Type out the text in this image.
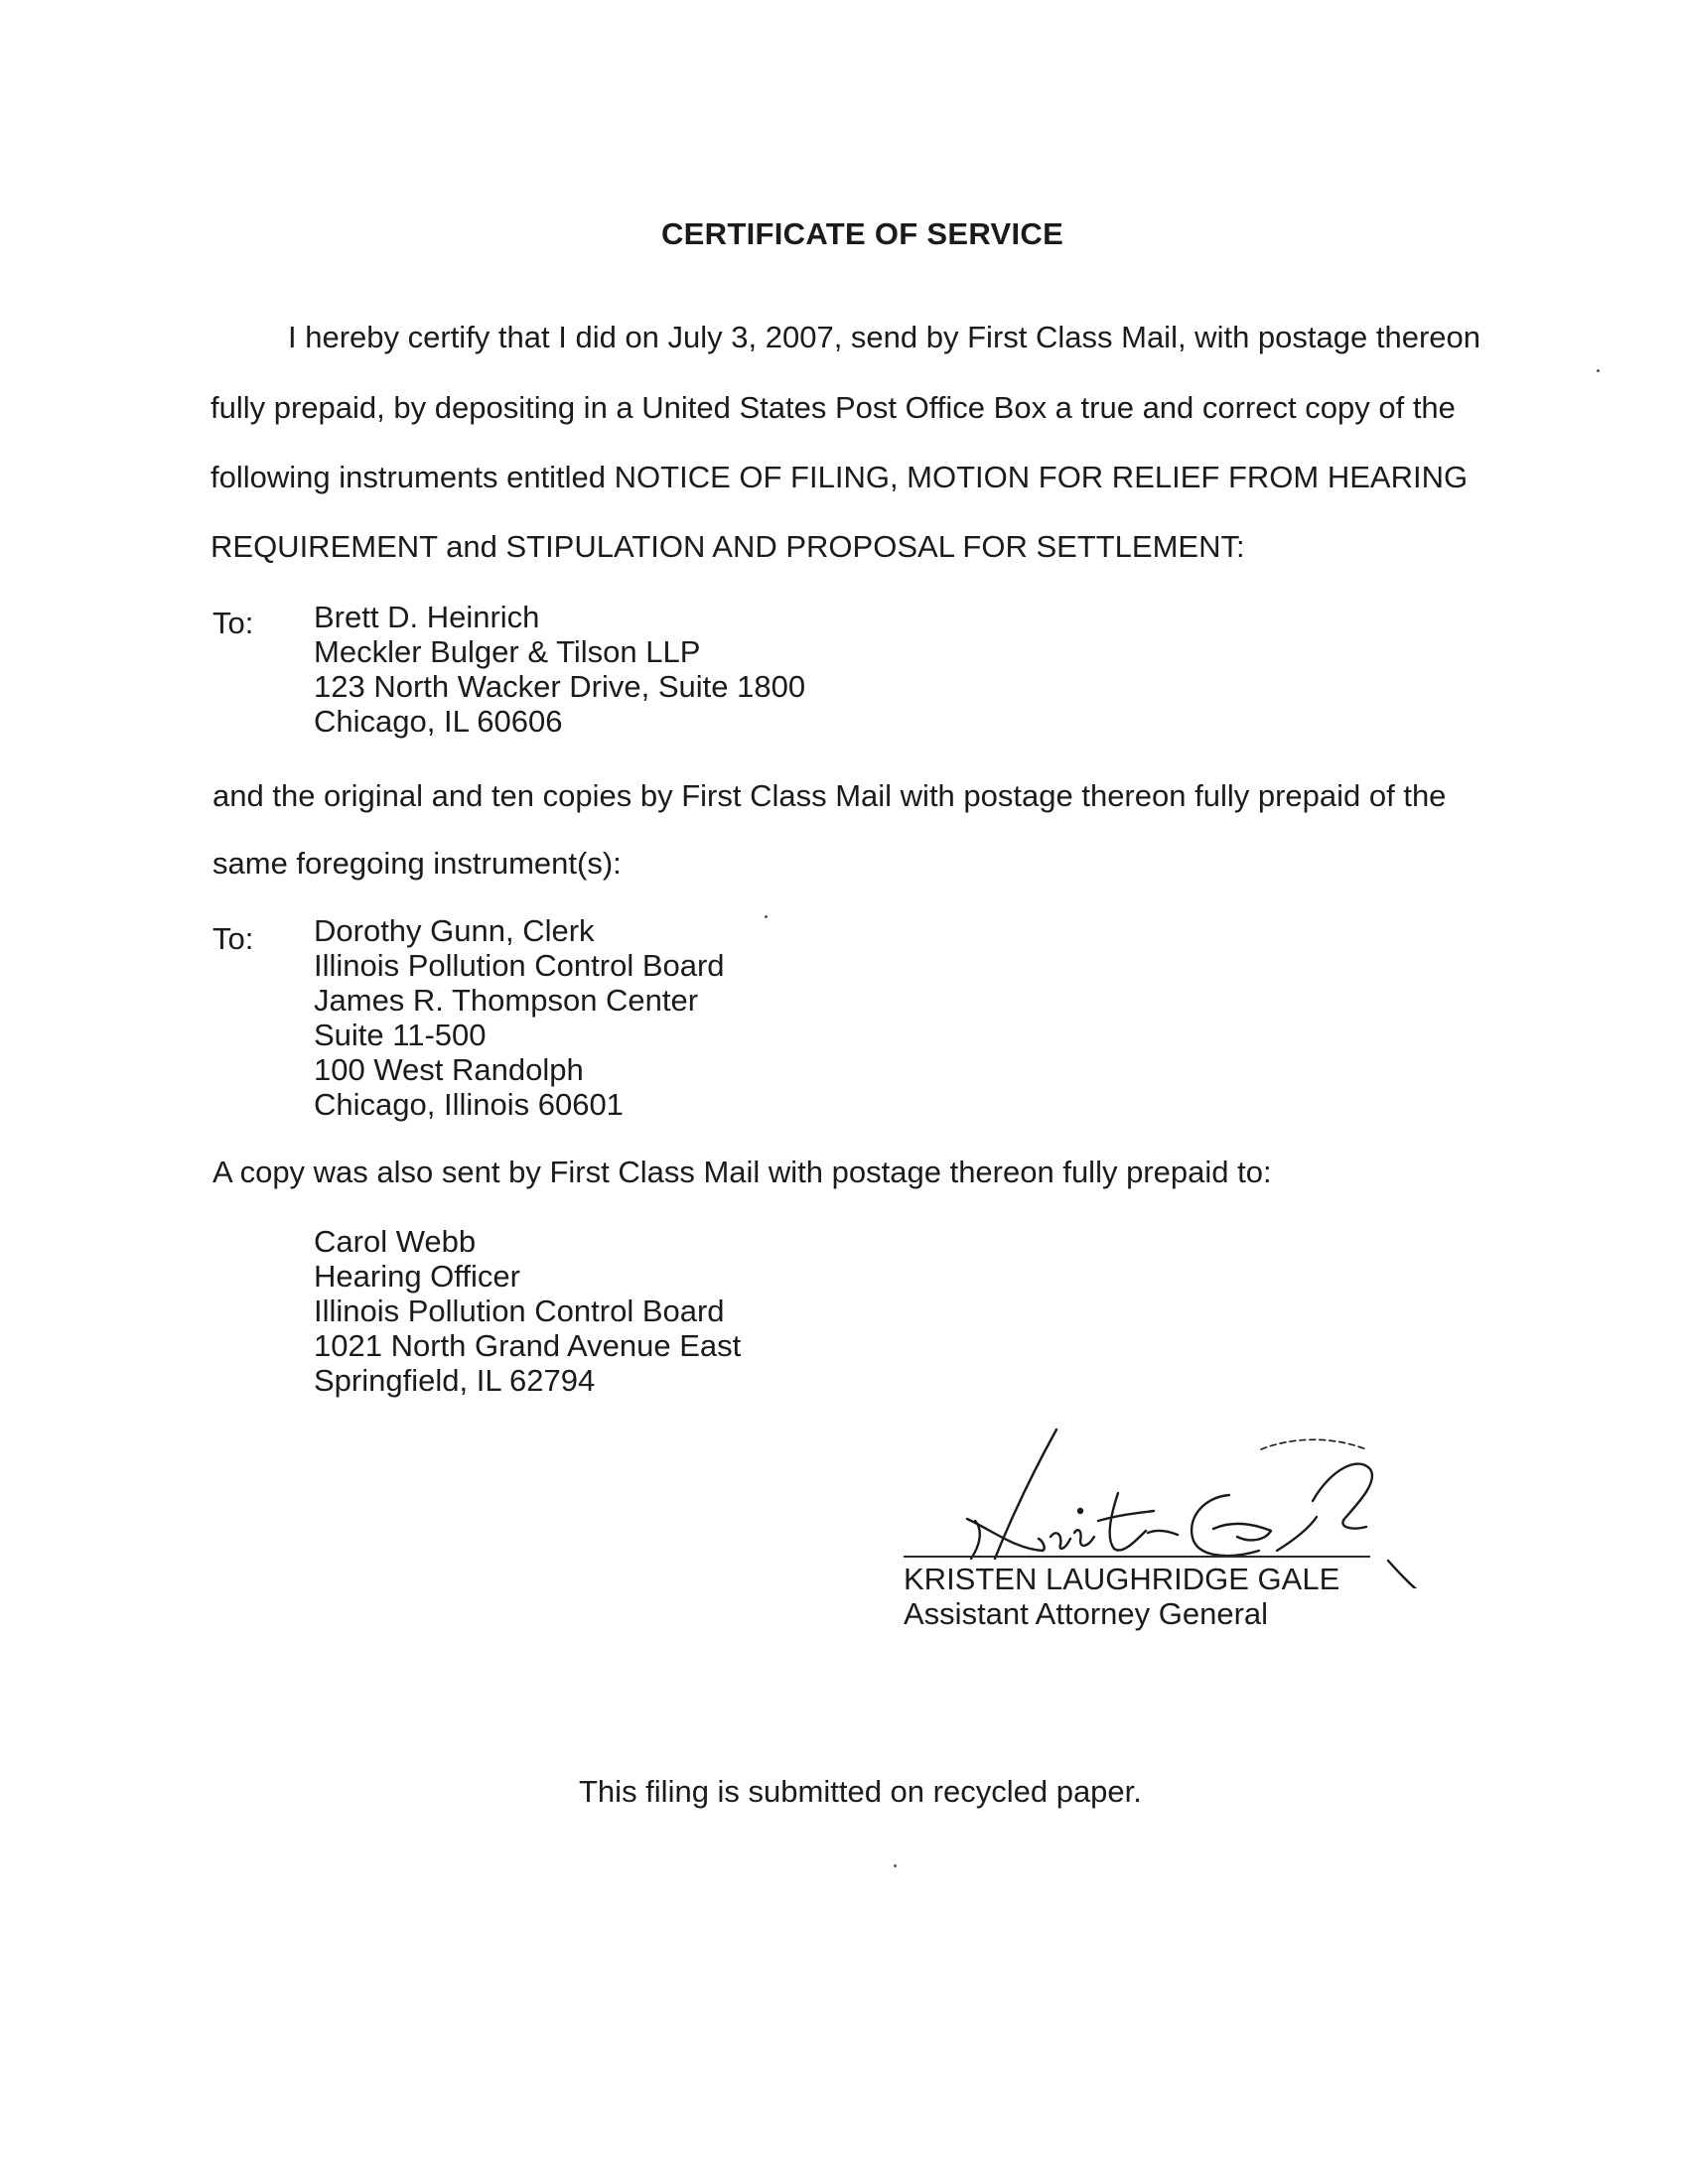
CERTIFICATE OF SERVICE
I hereby certify that I did on July 3, 2007, send by First Class Mail, with postage thereon
fully prepaid, by depositing in a United States Post Office Box a true and correct copy of the
following instruments entitled NOTICE OF FILING, MOTION FOR RELIEF FROM HEARING
REQUIREMENT and STIPULATION AND PROPOSAL FOR SETTLEMENT:
To: Brett D. Heinrich
Meckler Bulger & Tilson LLP
123 North Wacker Drive, Suite 1800
Chicago, IL 60606
and the original and ten copies by First Class Mail with postage thereon fully prepaid of the
same foregoing instrument(s):
To: Dorothy Gunn, Clerk
Illinois Pollution Control Board
James R. Thompson Center
Suite 11-500
100 West Randolph
Chicago, Illinois 60601
A copy was also sent by First Class Mail with postage thereon fully prepaid to:
Carol Webb
Hearing Officer
Illinois Pollution Control Board
1021 North Grand Avenue East
Springfield, IL 62794
KRISTEN LAUGHRIDGE GALE
Assistant Attorney General
This filing is submitted on recycled paper.
